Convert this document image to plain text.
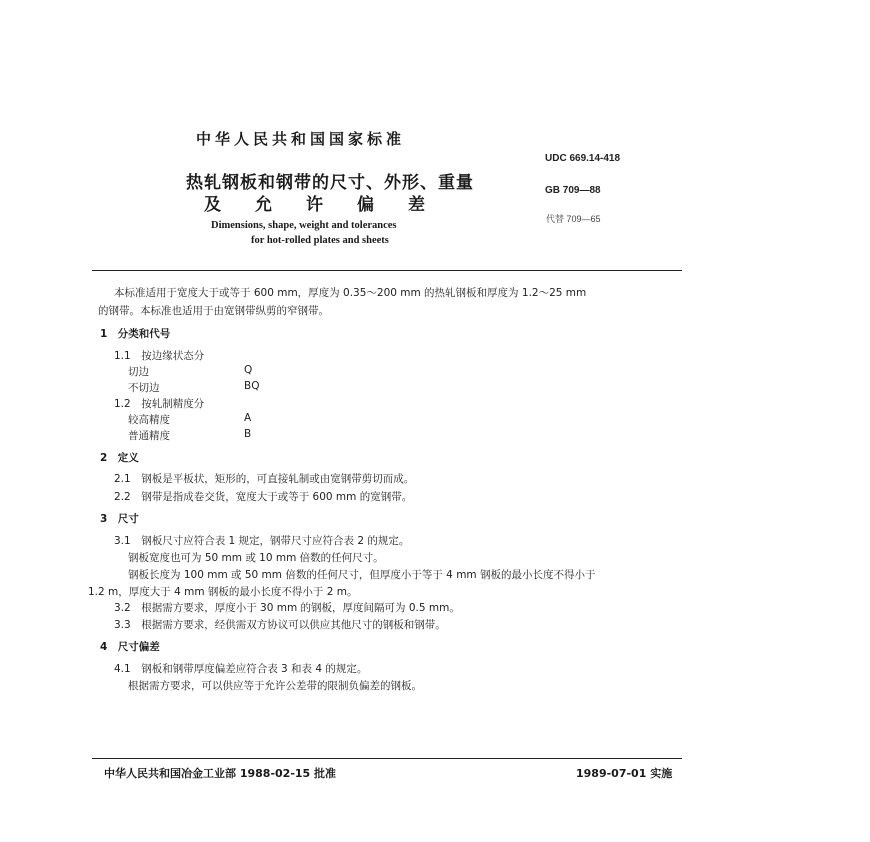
中华人民共和国国家标准
热轧钢板和钢带的尺寸、外形、重量
及允许偏差
Dimensions, shape, weight and tolerances
for hot-rolled plates and sheets
UDC 669.14-418
GB 709—88
代替 709—65
本标准适用于宽度大于或等于 600 mm，厚度为 0.35～200 mm 的热轧钢板和厚度为 1.2～25 mm
的钢带。本标准也适用于由宽钢带纵剪的窄钢带。
1　分类和代号
1.1　按边缘状态分
切边	Q
不切边	BQ
1.2　按轧制精度分
较高精度	A
普通精度	B
2　定义
2.1　钢板是平板状，矩形的，可直接轧制或由宽钢带剪切而成。
2.2　钢带是指成卷交货，宽度大于或等于 600 mm 的宽钢带。
3　尺寸
3.1　钢板尺寸应符合表 1 规定，钢带尺寸应符合表 2 的规定。
钢板宽度也可为 50 mm 或 10 mm 倍数的任何尺寸。
钢板长度为 100 mm 或 50 mm 倍数的任何尺寸，但厚度小于等于 4 mm 钢板的最小长度不得小于
1.2 m，厚度大于 4 mm 钢板的最小长度不得小于 2 m。
3.2　根据需方要求，厚度小于 30 mm 的钢板，厚度间隔可为 0.5 mm。
3.3　根据需方要求，经供需双方协议可以供应其他尺寸的钢板和钢带。
4　尺寸偏差
4.1　钢板和钢带厚度偏差应符合表 3 和表 4 的规定。
根据需方要求，可以供应等于允许公差带的限制负偏差的钢板。
中华人民共和国冶金工业部 1988-02-15 批准	1989-07-01 实施
